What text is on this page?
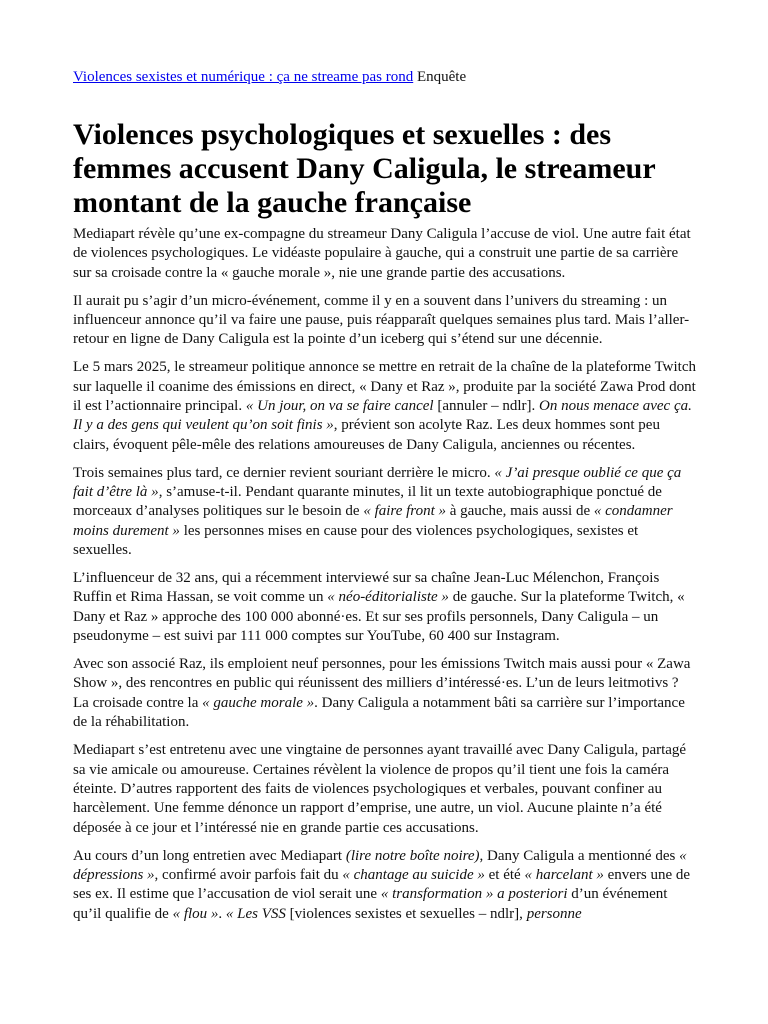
Violences sexistes et numérique : ça ne streame pas rond Enquête
Violences psychologiques et sexuelles : des femmes accusent Dany Caligula, le streameur montant de la gauche française

Mediapart révèle qu’une ex-compagne du streameur Dany Caligula l’accuse de viol. Une autre fait état de violences psychologiques. Le vidéaste populaire à gauche, qui a construit une partie de sa carrière sur sa croisade contre la « gauche morale », nie une grande partie des accusations.

Il aurait pu s’agir d’un micro-événement, comme il y en a souvent dans l’univers du streaming : un influenceur annonce qu’il va faire une pause, puis réapparaît quelques semaines plus tard. Mais l’aller-retour en ligne de Dany Caligula est la pointe d’un iceberg qui s’étend sur une décennie.

Le 5 mars 2025, le streameur politique annonce se mettre en retrait de la chaîne de la plateforme Twitch sur laquelle il coanime des émissions en direct, « Dany et Raz », produite par la société Zawa Prod dont il est l’actionnaire principal. « Un jour, on va se faire cancel [annuler – ndlr]. On nous menace avec ça. Il y a des gens qui veulent qu’on soit finis », prévient son acolyte Raz. Les deux hommes sont peu clairs, évoquent pêle-mêle des relations amoureuses de Dany Caligula, anciennes ou récentes.

Trois semaines plus tard, ce dernier revient souriant derrière le micro. « J’ai presque oublié ce que ça fait d’être là », s’amuse-t-il. Pendant quarante minutes, il lit un texte autobiographique ponctué de morceaux d’analyses politiques sur le besoin de « faire front » à gauche, mais aussi de « condamner moins durement » les personnes mises en cause pour des violences psychologiques, sexistes et sexuelles.

L’influenceur de 32 ans, qui a récemment interviewé sur sa chaîne Jean-Luc Mélenchon, François Ruffin et Rima Hassan, se voit comme un « néo-éditorialiste » de gauche. Sur la plateforme Twitch, « Dany et Raz » approche des 100 000 abonné·es. Et sur ses profils personnels, Dany Caligula – un pseudonyme – est suivi par 111 000 comptes sur YouTube, 60 400 sur Instagram.

Avec son associé Raz, ils emploient neuf personnes, pour les émissions Twitch mais aussi pour « Zawa Show », des rencontres en public qui réunissent des milliers d’intéressé·es. L’un de leurs leitmotivs ? La croisade contre la « gauche morale ». Dany Caligula a notamment bâti sa carrière sur l’importance de la réhabilitation.

Mediapart s’est entretenu avec une vingtaine de personnes ayant travaillé avec Dany Caligula, partagé sa vie amicale ou amoureuse. Certaines révèlent la violence de propos qu’il tient une fois la caméra éteinte. D’autres rapportent des faits de violences psychologiques et verbales, pouvant confiner au harcèlement. Une femme dénonce un rapport d’emprise, une autre, un viol. Aucune plainte n’a été déposée à ce jour et l’intéressé nie en grande partie ces accusations.

Au cours d’un long entretien avec Mediapart (lire notre boîte noire), Dany Caligula a mentionné des « dépressions », confirmé avoir parfois fait du « chantage au suicide » et été « harcelant » envers une de ses ex. Il estime que l’accusation de viol serait une « transformation » a posteriori d’un événement qu’il qualifie de « flou ». « Les VSS [violences sexistes et sexuelles – ndlr], personne
